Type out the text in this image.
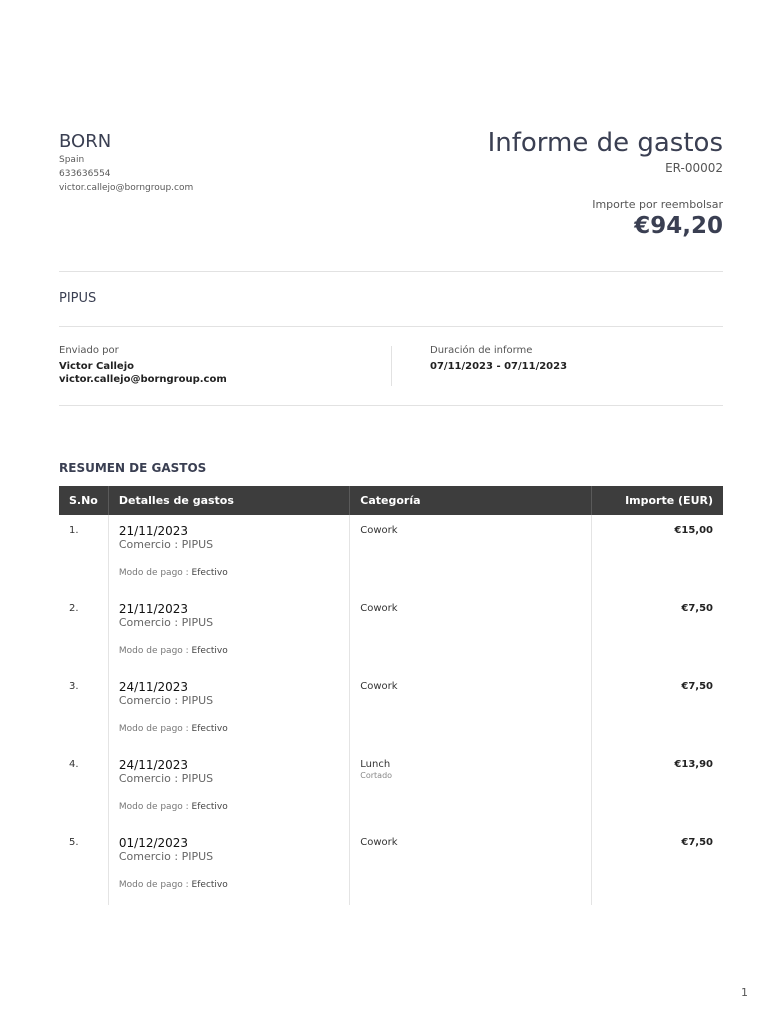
BORN
Spain
633636554
victor.callejo@borngroup.com
Informe de gastos
ER-00002
Importe por reembolsar
€94,20
PIPUS
Enviado por
Victor Callejo
victor.callejo@borngroup.com
Duración de informe
07/11/2023 - 07/11/2023
RESUMEN DE GASTOS
S.No	Detalles de gastos	Categoría	Importe (EUR)

1.	21/11/2023
Comercio : PIPUS
Modo de pago : Efectivo	Cowork	€15,00

2.	21/11/2023
Comercio : PIPUS
Modo de pago : Efectivo	Cowork	€7,50

3.	24/11/2023
Comercio : PIPUS
Modo de pago : Efectivo	Cowork	€7,50

4.	24/11/2023
Comercio : PIPUS
Modo de pago : Efectivo	Lunch
Cortado	€13,90

5.	01/12/2023
Comercio : PIPUS
Modo de pago : Efectivo	Cowork	€7,50
1
